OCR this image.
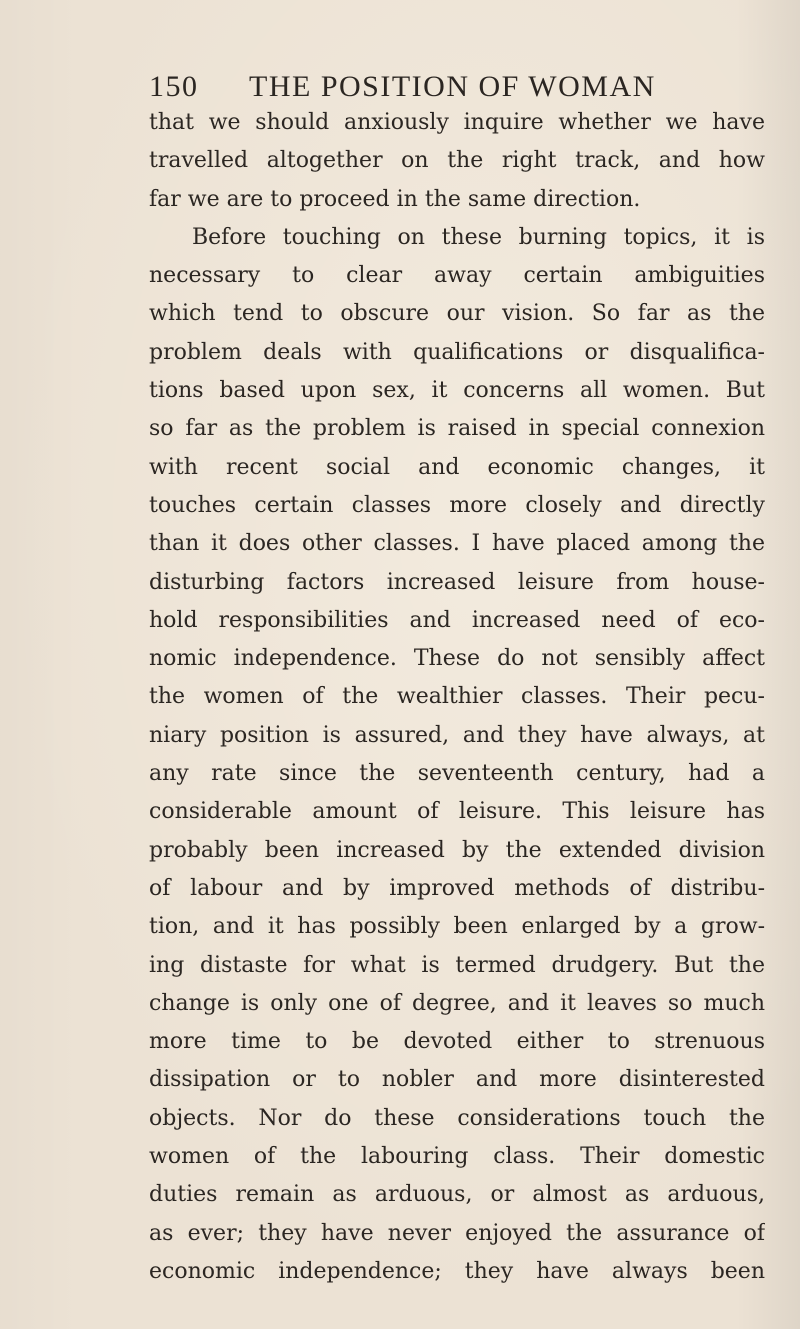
150 THE POSITION OF WOMAN
that we should anxiously inquire whether we have
travelled altogether on the right track, and how
far we are to proceed in the same direction.
Before touching on these burning topics, it is
necessary to clear away certain ambiguities
which tend to obscure our vision. So far as the
problem deals with qualifications or disqualifica-
tions based upon sex, it concerns all women. But
so far as the problem is raised in special connexion
with recent social and economic changes, it
touches certain classes more closely and directly
than it does other classes. I have placed among the
disturbing factors increased leisure from house-
hold responsibilities and increased need of eco-
nomic independence. These do not sensibly affect
the women of the wealthier classes. Their pecu-
niary position is assured, and they have always, at
any rate since the seventeenth century, had a
considerable amount of leisure. This leisure has
probably been increased by the extended division
of labour and by improved methods of distribu-
tion, and it has possibly been enlarged by a grow-
ing distaste for what is termed drudgery. But the
change is only one of degree, and it leaves so much
more time to be devoted either to strenuous
dissipation or to nobler and more disinterested
objects. Nor do these considerations touch the
women of the labouring class. Their domestic
duties remain as arduous, or almost as arduous,
as ever; they have never enjoyed the assurance of
economic independence; they have always been
